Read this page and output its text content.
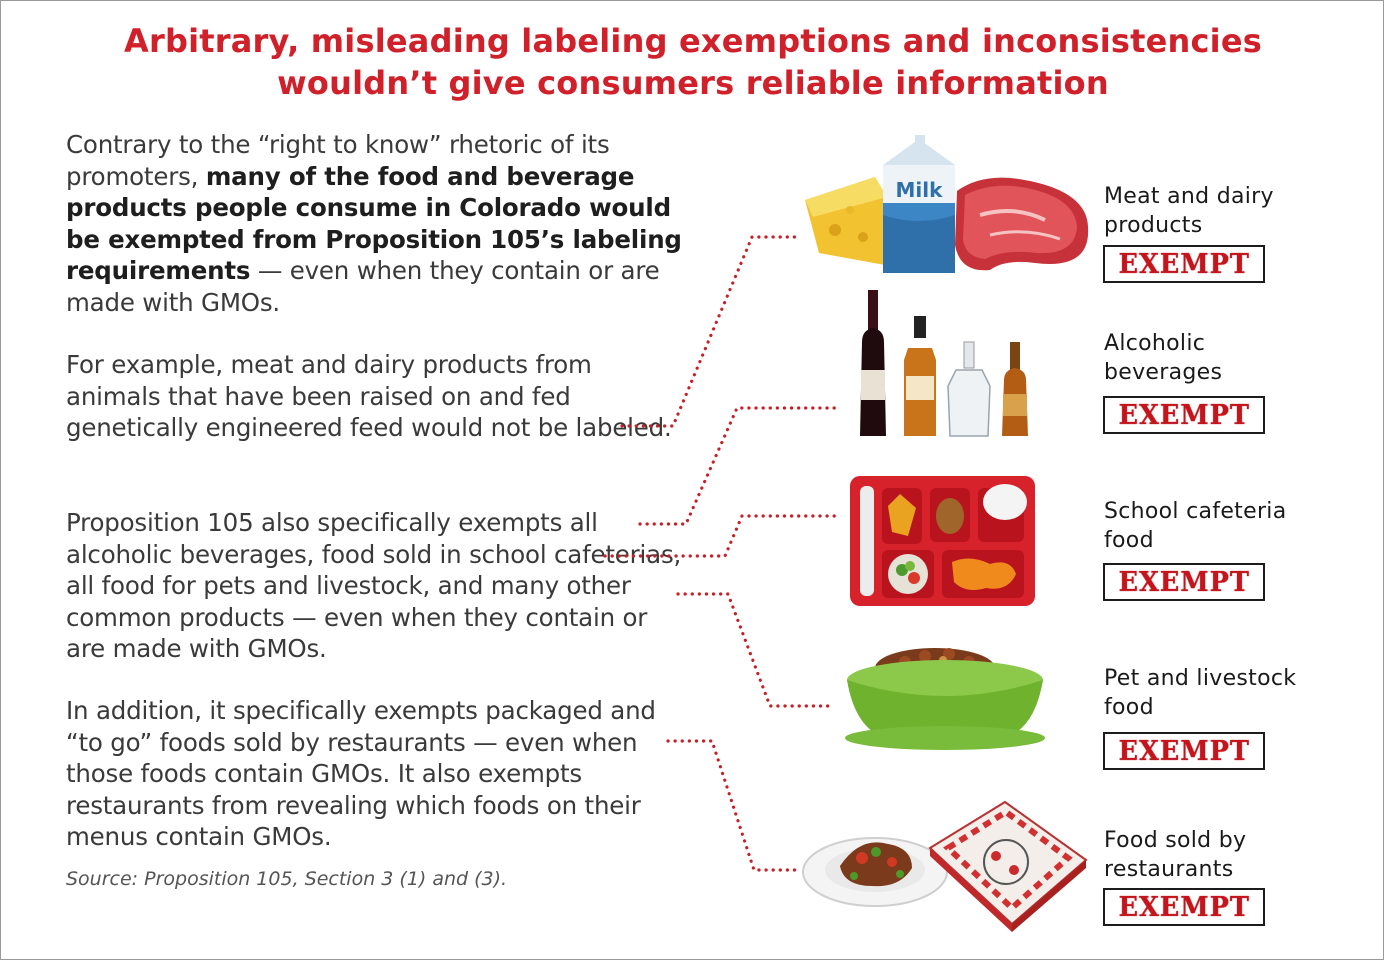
Arbitrary, misleading labeling exemptions and inconsistencies
wouldn’t give consumers reliable information

Contrary to the “right to know” rhetoric of its promoters, many of the food and beverage products people consume in Colorado would be exempted from Proposition 105’s labeling requirements — even when they contain or are made with GMOs.

For example, meat and dairy products from animals that have been raised on and fed genetically engineered feed would not be labeled.

Proposition 105 also specifically exempts all alcoholic beverages, food sold in school cafeterias, all food for pets and livestock, and many other common products — even when they contain or are made with GMOs.

In addition, it specifically exempts packaged and “to go” foods sold by restaurants — even when those foods contain GMOs. It also exempts restaurants from revealing which foods on their menus contain GMOs.

Source: Proposition 105, Section 3 (1) and (3).

Milk	Meat and dairy
products
EXEMPT
Alcoholic
beverages
EXEMPT
School cafeteria
food
EXEMPT
Pet and livestock
food
EXEMPT
Food sold by
restaurants
EXEMPT
